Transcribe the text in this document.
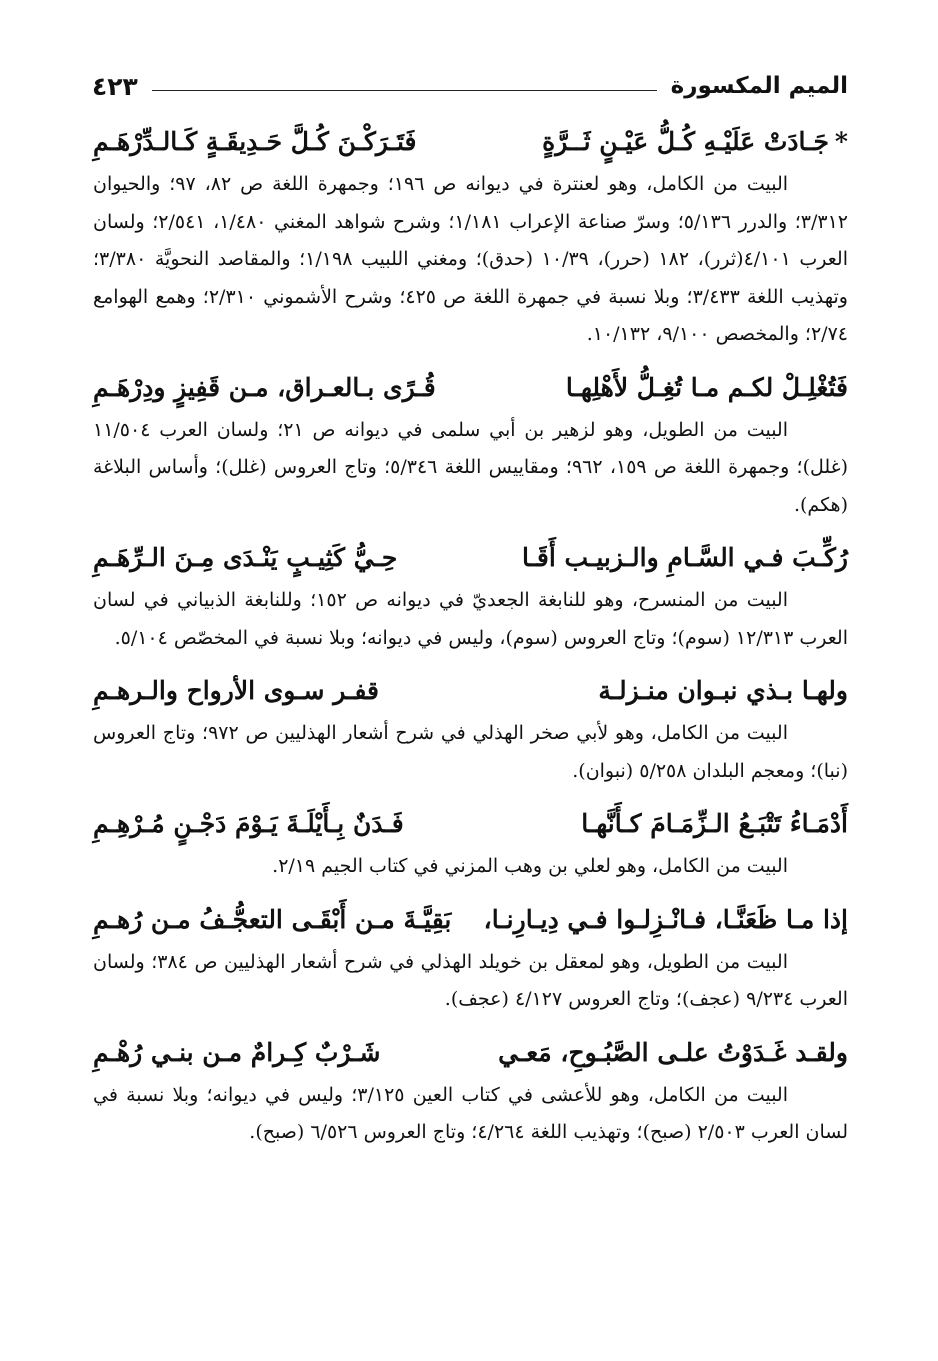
الميم المكسورة
٤٢٣
*جَـادَتْ عَلَيْـهِ كُـلُّ عَيْـنٍ ثَــرَّةٍ
فَتَـرَكْـنَ كُـلَّ حَـدِيقَـةٍ كَـالـدِّرْهَـمِ
البيت من الكامل، وهو لعنترة في ديوانه ص ١٩٦؛ وجمهرة اللغة ص ٨٢، ٩٧؛ والحيوان ٣/٣١٢؛ والدرر ٥/١٣٦؛ وسرّ صناعة الإعراب ١/١٨١؛ وشرح شواهد المغني ١/٤٨٠، ٢/٥٤١؛ ولسان العرب ٤/١٠١(ثرر)، ١٨٢ (حرر)، ١٠/٣٩ (حدق)؛ ومغني اللبيب ١/١٩٨؛ والمقاصد النحويَّة ٣/٣٨٠؛ وتهذيب اللغة ٣/٤٣٣؛ وبلا نسبة في جمهرة اللغة ص ٤٢٥؛ وشرح الأشموني ٢/٣١٠؛ وهمع الهوامع ٢/٧٤؛ والمخصص ٩/١٠٠، ١٠/١٣٢.
فَتُغْلِـلْ لكـم مـا تُغِـلُّ لأَهْلِهـا
قُـرًى بـالعـراق، مـن قَفِيزٍ ودِرْهَـمِ
البيت من الطويل، وهو لزهير بن أبي سلمى في ديوانه ص ٢١؛ ولسان العرب ١١/٥٠٤ (غلل)؛ وجمهرة اللغة ص ١٥٩، ٩٦٢؛ ومقاييس اللغة ٥/٣٤٦؛ وتاج العروس (غلل)؛ وأساس البلاغة (هكم).
رُكِّـبَ فـي السَّـامِ والـزبيـب أَقَـا
حِـيُّ كَثِيـبٍ يَنْـدَى مِـنَ الـرِّهَـمِ
البيت من المنسرح، وهو للنابغة الجعديّ في ديوانه ص ١٥٢؛ وللنابغة الذبياني في لسان العرب ١٢/٣١٣ (سوم)؛ وتاج العروس (سوم)، وليس في ديوانه؛ وبلا نسبة في المخصّص ٥/١٠٤.
ولهـا بـذي نبـوان منـزلـة
قفـر سـوى الأرواح والـرهـمِ
البيت من الكامل، وهو لأبي صخر الهذلي في شرح أشعار الهذليين ص ٩٧٢؛ وتاج العروس (نبا)؛ ومعجم البلدان ٥/٢٥٨ (نبوان).
أَدْمَـاءُ تَتْبَـعُ الـزِّمَـامَ كـأَنَّهـا
فَـدَنٌ بِـأَيْلَـةَ يَـوْمَ دَجْـنٍ مُـرْهِـمِ
البيت من الكامل، وهو لعلي بن وهب المزني في كتاب الجيم ٢/١٩.
إذا مـا ظَعَنَّـا، فـانْـزِلـوا فـي دِيـارِنـا،
بَقِيَّـةَ مـن أَبْقَـى التعجُّـفُ مـن رُهـمِ
البيت من الطويل، وهو لمعقل بن خويلد الهذلي في شرح أشعار الهذليين ص ٣٨٤؛ ولسان العرب ٩/٢٣٤ (عجف)؛ وتاج العروس ٤/١٢٧ (عجف).
ولقـد غَـدَوْتُ علـى الصَّبُـوحِ، مَعـي
شَـرْبٌ كِـرامٌ مـن بنـي رُهْـمِ
البيت من الكامل، وهو للأعشى في كتاب العين ٣/١٢٥؛ وليس في ديوانه؛ وبلا نسبة في لسان العرب ٢/٥٠٣ (صبح)؛ وتهذيب اللغة ٤/٢٦٤؛ وتاج العروس ٦/٥٢٦ (صبح).
